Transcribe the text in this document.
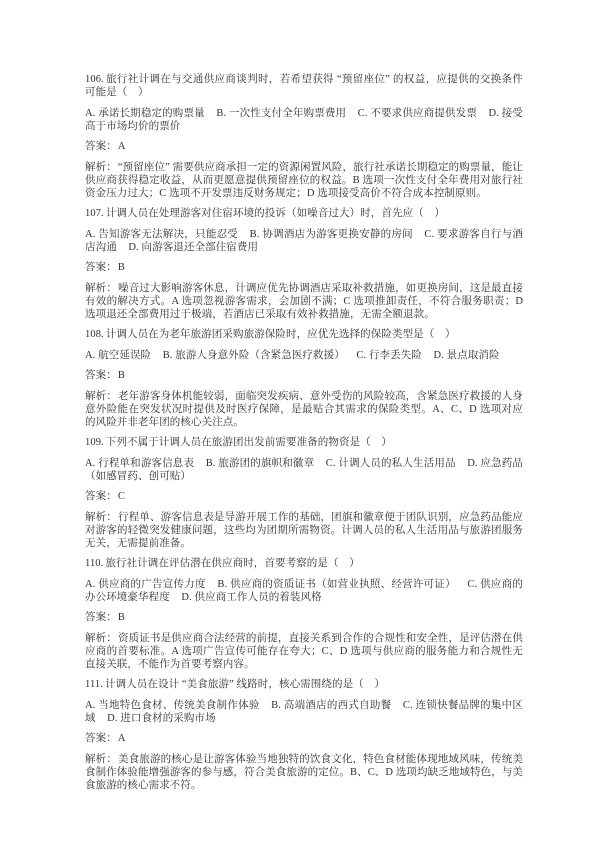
106. 旅行社计调在与交通供应商谈判时，若希望获得 “预留座位” 的权益，应提供的交换条件可能是（　）

A. 承诺长期稳定的购票量 B. 一次性支付全年购票费用 C. 不要求供应商提供发票 D. 接受高于市场均价的票价

答案：A

解析：“预留座位” 需要供应商承担一定的资源闲置风险，旅行社承诺长期稳定的购票量，能让供应商获得稳定收益，从而更愿意提供预留座位的权益。B 选项一次性支付全年费用对旅行社资金压力过大；C 选项不开发票违反财务规定；D 选项接受高价不符合成本控制原则。

107. 计调人员在处理游客对住宿环境的投诉（如噪音过大）时，首先应（　）

A. 告知游客无法解决，只能忍受 B. 协调酒店为游客更换安静的房间 C. 要求游客自行与酒店沟通 D. 向游客退还全部住宿费用

答案：B

解析：噪音过大影响游客休息，计调应优先协调酒店采取补救措施，如更换房间，这是最直接有效的解决方式。A 选项忽视游客需求，会加剧不满；C 选项推卸责任，不符合服务职责；D 选项退还全部费用过于极端，若酒店已采取有效补救措施，无需全额退款。

108. 计调人员在为老年旅游团采购旅游保险时，应优先选择的保险类型是（　）

A. 航空延误险 B. 旅游人身意外险（含紧急医疗救援） C. 行李丢失险 D. 景点取消险

答案：B

解析：老年游客身体机能较弱，面临突发疾病、意外受伤的风险较高，含紧急医疗救援的人身意外险能在突发状况时提供及时医疗保障，是最贴合其需求的保险类型。A、C、D 选项对应的风险并非老年团的核心关注点。

109. 下列不属于计调人员在旅游团出发前需要准备的物资是（　）

A. 行程单和游客信息表 B. 旅游团的旗帜和徽章 C. 计调人员的私人生活用品 D. 应急药品（如感冒药、创可贴）

答案：C

解析：行程单、游客信息表是导游开展工作的基础，团旗和徽章便于团队识别，应急药品能应对游客的轻微突发健康问题，这些均为团期所需物资。计调人员的私人生活用品与旅游团服务无关，无需提前准备。

110. 旅行社计调在评估潜在供应商时，首要考察的是（　）

A. 供应商的广告宣传力度 B. 供应商的资质证书（如营业执照、经营许可证） C. 供应商的办公环境豪华程度 D. 供应商工作人员的着装风格

答案：B

解析：资质证书是供应商合法经营的前提，直接关系到合作的合规性和安全性，是评估潜在供应商的首要标准。A 选项广告宣传可能存在夸大；C、D 选项与供应商的服务能力和合规性无直接关联，不能作为首要考察内容。

111. 计调人员在设计 “美食旅游” 线路时，核心需围绕的是（　）

A. 当地特色食材、传统美食制作体验 B. 高端酒店的西式自助餐 C. 连锁快餐品牌的集中区域 D. 进口食材的采购市场

答案：A

解析：美食旅游的核心是让游客体验当地独特的饮食文化，特色食材能体现地域风味，传统美食制作体验能增强游客的参与感，符合美食旅游的定位。B、C、D 选项均缺乏地域特色，与美食旅游的核心需求不符。
